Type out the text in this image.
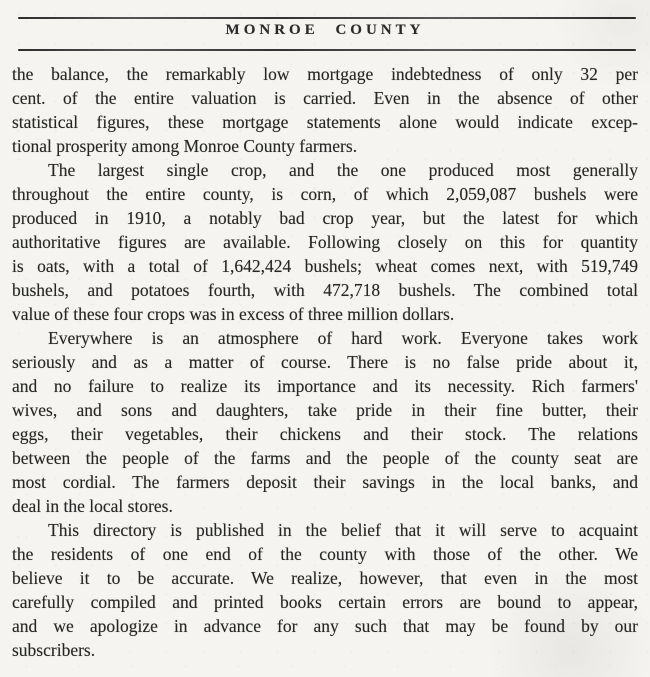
MONROE COUNTY
the balance, the remarkably low mortgage indebtedness of only 32 per
cent. of the entire valuation is carried. Even in the absence of other
statistical figures, these mortgage statements alone would indicate excep-
tional prosperity among Monroe County farmers.
The largest single crop, and the one produced most generally
throughout the entire county, is corn, of which 2,059,087 bushels were
produced in 1910, a notably bad crop year, but the latest for which
authoritative figures are available. Following closely on this for quantity
is oats, with a total of 1,642,424 bushels; wheat comes next, with 519,749
bushels, and potatoes fourth, with 472,718 bushels. The combined total
value of these four crops was in excess of three million dollars.
Everywhere is an atmosphere of hard work. Everyone takes work
seriously and as a matter of course. There is no false pride about it,
and no failure to realize its importance and its necessity. Rich farmers'
wives, and sons and daughters, take pride in their fine butter, their
eggs, their vegetables, their chickens and their stock. The relations
between the people of the farms and the people of the county seat are
most cordial. The farmers deposit their savings in the local banks, and
deal in the local stores.
This directory is published in the belief that it will serve to acquaint
the residents of one end of the county with those of the other. We
believe it to be accurate. We realize, however, that even in the most
carefully compiled and printed books certain errors are bound to appear,
and we apologize in advance for any such that may be found by our
subscribers.
